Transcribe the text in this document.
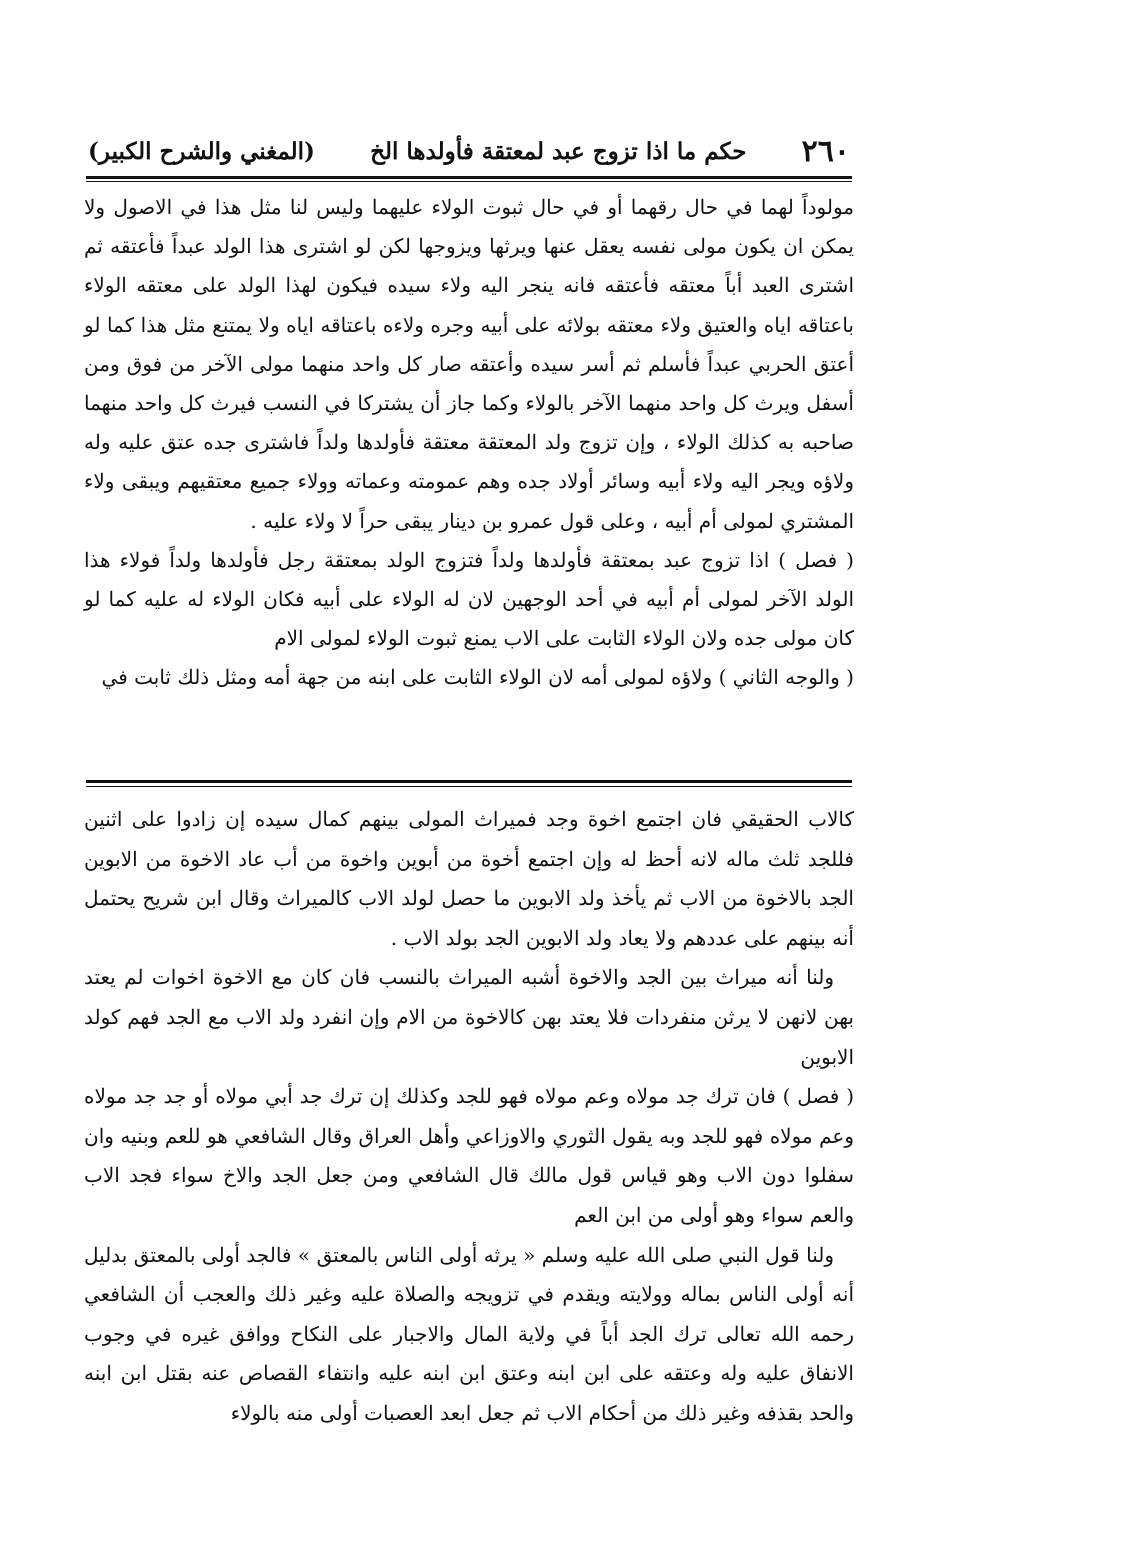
٢٦٠
حكم ما اذا تزوج عبد لمعتقة فأولدها الخ
(المغني والشرح الكبير)

مولوداً لهما في حال رقهما أو في حال ثبوت الولاء عليهما وليس لنا مثل هذا في الاصول ولا يمكن ان يكون مولى نفسه يعقل عنها ويرثها ويزوجها لكن لو اشترى هذا الولد عبداً فأعتقه ثم اشترى العبد أباً معتقه فأعتقه فانه ينجر اليه ولاء سيده فيكون لهذا الولد على معتقه الولاء باعتاقه اياه والعتيق ولاء معتقه بولائه على أبيه وجره ولاءه باعتاقه اياه ولا يمتنع مثل هذا كما لو أعتق الحربي عبداً فأسلم ثم أسر سيده وأعتقه صار كل واحد منهما مولى الآخر من فوق ومن أسفل ويرث كل واحد منهما الآخر بالولاء وكما جاز أن يشتركا في النسب فيرث كل واحد منهما صاحبه به كذلك الولاء ، وإن تزوج ولد المعتقة معتقة فأولدها ولداً فاشترى جده عتق عليه وله ولاؤه ويجر اليه ولاء أبيه وسائر أولاد جده وهم عمومته وعماته وولاء جميع معتقيهم ويبقى ولاء المشتري لمولى أم أبيه ، وعلى قول عمرو بن دينار يبقى حراً لا ولاء عليه .

( فصل ) اذا تزوج عبد بمعتقة فأولدها ولداً فتزوج الولد بمعتقة رجل فأولدها ولداً فولاء هذا الولد الآخر لمولى أم أبيه في أحد الوجهين لان له الولاء على أبيه فكان الولاء له عليه كما لو كان مولى جده ولان الولاء الثابت على الاب يمنع ثبوت الولاء لمولى الام

( والوجه الثاني ) ولاؤه لمولى أمه لان الولاء الثابت على ابنه من جهة أمه ومثل ذلك ثابت في

كالاب الحقيقي فان اجتمع اخوة وجد فميراث المولى بينهم كمال سيده إن زادوا على اثنين فللجد ثلث ماله لانه أحظ له وإن اجتمع أخوة من أبوين واخوة من أب عاد الاخوة من الابوين الجد بالاخوة من الاب ثم يأخذ ولد الابوين ما حصل لولد الاب كالميراث وقال ابن شريح يحتمل أنه بينهم على عددهم ولا يعاد ولد الابوين الجد بولد الاب .

ولنا أنه ميراث بين الجد والاخوة أشبه الميراث بالنسب فان كان مع الاخوة اخوات لم يعتد بهن لانهن لا يرثن منفردات فلا يعتد بهن كالاخوة من الام وإن انفرد ولد الاب مع الجد فهم كولد الابوين

( فصل ) فان ترك جد مولاه وعم مولاه فهو للجد وكذلك إن ترك جد أبي مولاه أو جد جد مولاه وعم مولاه فهو للجد وبه يقول الثوري والاوزاعي وأهل العراق وقال الشافعي هو للعم وبنيه وان سفلوا دون الاب وهو قياس قول مالك قال الشافعي ومن جعل الجد والاخ سواء فجد الاب والعم سواء وهو أولى من ابن العم

ولنا قول النبي صلى الله عليه وسلم « يرثه أولى الناس بالمعتق » فالجد أولى بالمعتق بدليل أنه أولى الناس بماله وولايته ويقدم في تزويجه والصلاة عليه وغير ذلك والعجب أن الشافعي رحمه الله تعالى ترك الجد أباً في ولاية المال والاجبار على النكاح ووافق غيره في وجوب الانفاق عليه وله وعتقه على ابن ابنه وعتق ابن ابنه عليه وانتفاء القصاص عنه بقتل ابن ابنه والحد بقذفه وغير ذلك من أحكام الاب ثم جعل ابعد العصبات أولى منه بالولاء
